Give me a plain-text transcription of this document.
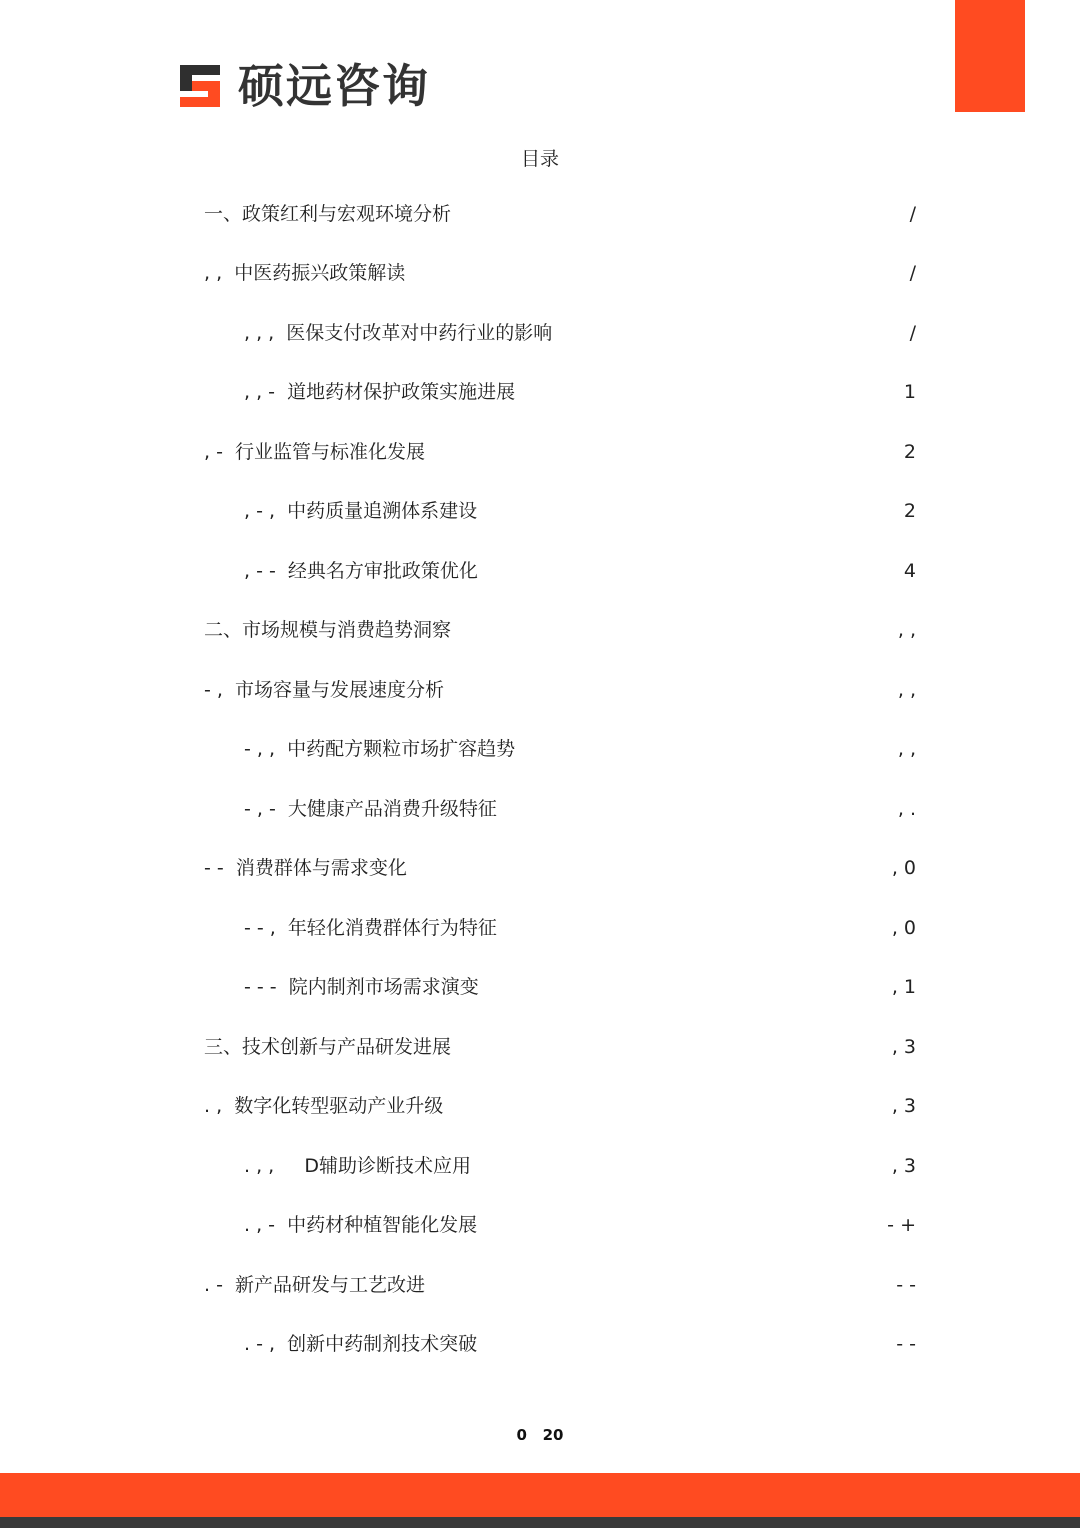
硕远咨询
目录
一、政策红利与宏观环境分析	/
, ,  中医药振兴政策解读	/
, , ,  医保支付改革对中药行业的影响	/
, , -  道地药材保护政策实施进展	1
, -  行业监管与标准化发展	2
, - ,  中药质量追溯体系建设	2
, - -  经典名方审批政策优化	4
二、市场规模与消费趋势洞察	, ,
- ,  市场容量与发展速度分析	, ,
- , ,  中药配方颗粒市场扩容趋势	, ,
- , -  大健康产品消费升级特征	, .
- -  消费群体与需求变化	, 0
- - ,  年轻化消费群体行为特征	, 0
- - -  院内制剂市场需求演变	, 1
三、技术创新与产品研发进展	, 3
. ,  数字化转型驱动产业升级	, 3
. , ,     D辅助诊断技术应用	, 3
. , -  中药材种植智能化发展	- +
. -  新产品研发与工艺改进	- -
. - ,  创新中药制剂技术突破	- -
0   20
